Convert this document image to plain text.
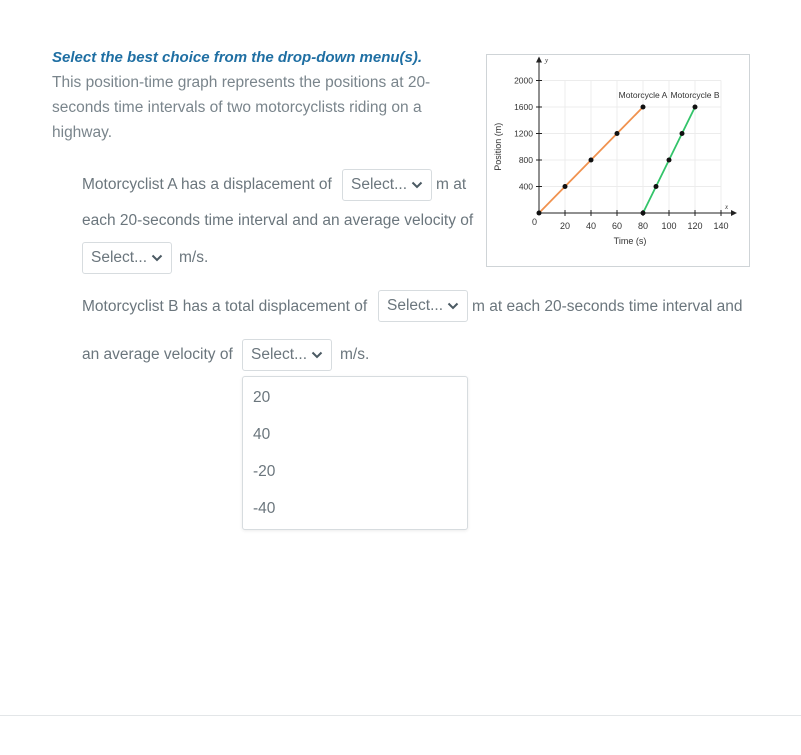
Select the best choice from the drop-down menu(s).
This position-time graph represents the positions at 20-seconds time intervals of two motorcyclists riding on a highway.
Motorcyclist A has a displacement of	Select...	m at
each 20-seconds time interval and an average velocity of
Select...	m/s.
Motorcyclist B has a total displacement of	Select...	m at each 20-seconds time interval and
an average velocity of	Select...	m/s.
20
40
-20
-40
20 40 60 80 100 120 140
400
800
1200
1600
2000
0
x
y
Time (s)
Position (m)
Motorcycle A Motorcycle B
